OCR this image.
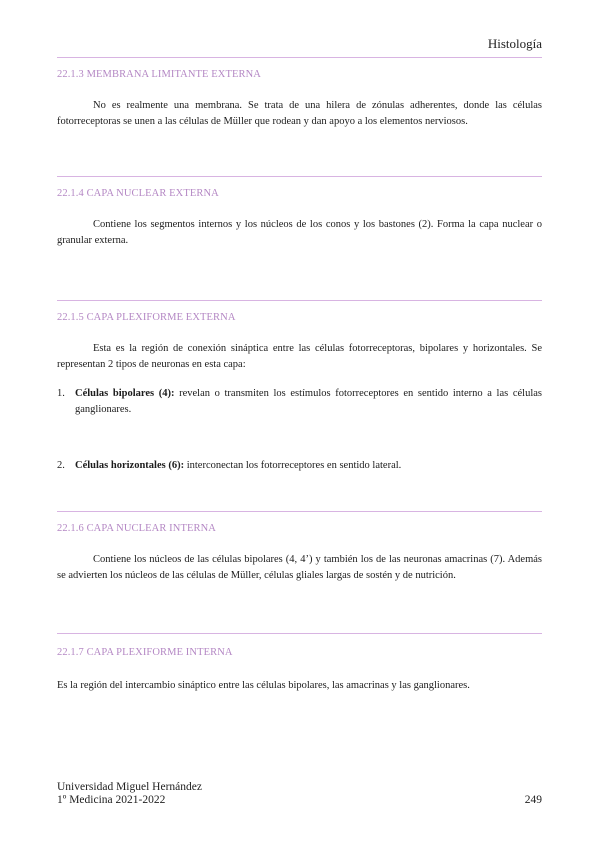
Histología
22.1.3 MEMBRANA LIMITANTE EXTERNA
No es realmente una membrana. Se trata de una hilera de zónulas adherentes, donde las células fotorreceptoras se unen a las células de Müller que rodean y dan apoyo a los elementos nerviosos.
22.1.4 CAPA NUCLEAR EXTERNA
Contiene los segmentos internos y los núcleos de los conos y los bastones (2). Forma la capa nuclear o granular externa.
22.1.5 CAPA PLEXIFORME EXTERNA
Esta es la región de conexión sináptica entre las células fotorreceptoras, bipolares y horizontales. Se representan 2 tipos de neuronas en esta capa:
1. Células bipolares (4): revelan o transmiten los estímulos fotorreceptores en sentido interno a las células ganglionares.
2. Células horizontales (6): interconectan los fotorreceptores en sentido lateral.
22.1.6 CAPA NUCLEAR INTERNA
Contiene los núcleos de las células bipolares (4, 4’) y también los de las neuronas amacrinas (7). Además se advierten los núcleos de las células de Müller, células gliales largas de sostén y de nutrición.
22.1.7 CAPA PLEXIFORME INTERNA
Es la región del intercambio sináptico entre las células bipolares, las amacrinas y las ganglionares.
Universidad Miguel Hernández
1º Medicina 2021-2022	249
